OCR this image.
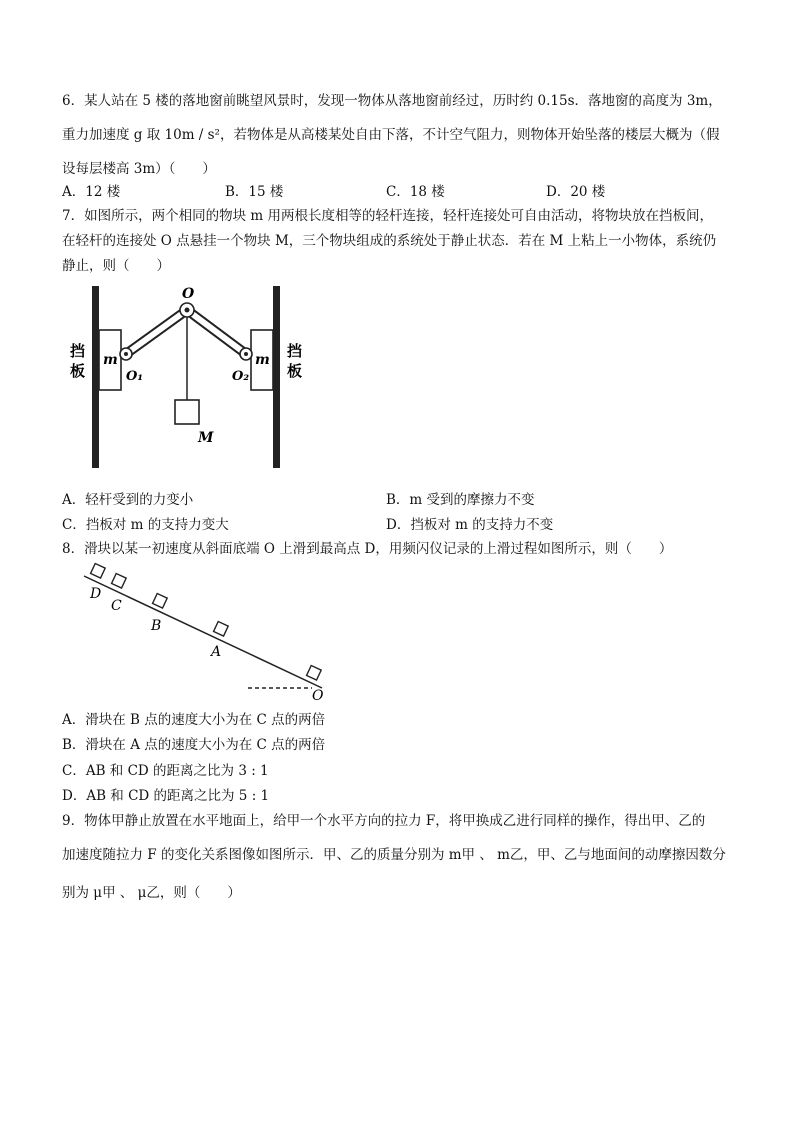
6．某人站在 5 楼的落地窗前眺望风景时，发现一物体从落地窗前经过，历时约 0.15s．落地窗的高度为 3m，
重力加速度 g 取 10m / s²，若物体是从高楼某处自由下落，不计空气阻力，则物体开始坠落的楼层大概为（假
设每层楼高 3m）（　　）
A．12 楼	B．15 楼	C．18 楼	D．20 楼
7．如图所示，两个相同的物块 m 用两根长度相等的轻杆连接，轻杆连接处可自由活动，将物块放在挡板间，
在轻杆的连接处 O 点悬挂一个物块 M，三个物块组成的系统处于静止状态．若在 M 上粘上一小物体，系统仍
静止，则（　　）
挡
板
挡
板
m	m
O
O₁	O₂
M
A．轻杆受到的力变小	B．m 受到的摩擦力不变
C．挡板对 m 的支持力变大	D．挡板对 m 的支持力不变
8．滑块以某一初速度从斜面底端 O 上滑到最高点 D，用频闪仪记录的上滑过程如图所示，则（　　）
D
C
B
A
O
A．滑块在 B 点的速度大小为在 C 点的两倍
B．滑块在 A 点的速度大小为在 C 点的两倍
C．AB 和 CD 的距离之比为 3 : 1
D．AB 和 CD 的距离之比为 5 : 1
9．物体甲静止放置在水平地面上，给甲一个水平方向的拉力 F，将甲换成乙进行同样的操作，得出甲、乙的
加速度随拉力 F 的变化关系图像如图所示．甲、乙的质量分别为 m甲 、 m乙，甲、乙与地面间的动摩擦因数分
别为 μ甲 、 μ乙，则（　　）
